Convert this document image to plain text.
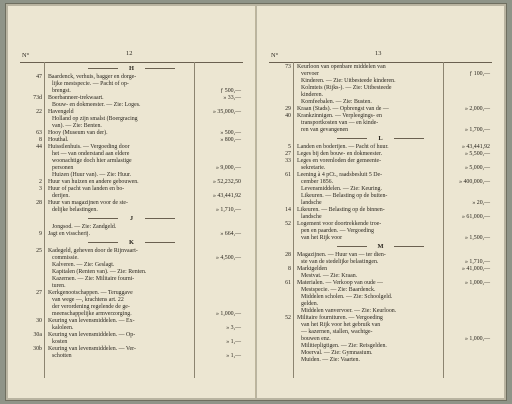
N°	12
H
47 Baardenck, verhuis, bagger en dorge-
lijke mestspecie. — Pacht of op-
brengst.	ƒ 500,—
73d Boerbanneer-trekwaart.	» 33,—
Bouw- en dokmeester. — Zie: Loges.
22 Havengeld	» 35,000,—
Holland op zijn smalst (Boergracing
van). — Zie: Benten.
63 Hooy (Museum van der).	» 500,—
8 Houthal.	» 800,—
44 Huisstlenhuis. — Vergoeding door
het — van onderstand aan eldere
woonachtige doch hier armlastige
personen	» 9,000,—
Huizen (Huur van). — Zie: Huur.
2 Huur van huizen en andere gebouwen.	» 52,232,50
3 Huur of pacht van landen en bo-
derijen.	» 43,441,92
28 Huur van magazijnen voor de ste-
delijke belastingen.	» 1,710,—
J
Jongsod. — Zie: Zandgeld.
9 Jagt en visscherij.	» 664,—
K
25 Kadegeld, geheven door de Rijnvaart-
commissie.	» 4,500,—
Kalveren. — Zie: Geslagt.
Kapitalen (Renten van). — Zie: Renten.
Kazernen. — Zie: Militaire fourni-
turen.
27 Kerkgenootschappen. — Teruggave
van wege —, krachtens art. 22
der verordening regelende de ge-
meenschappelijke armverzorging.	» 1,000,—
30 Keuring van levensmiddelen. — Ex-
kaloleen.	» 3,—
30a Keuring van levensmiddelen. — Op-
kosten	» 1,—
30b Keuring van levensmiddelen. — Ver-
schotten	» 1,—
N°	13
73 Keurloon van openbare middelen van
vervoer	ƒ 100,—
Kinderen. — Zie: Uitbesteede kinderen.
Kolmteis (Rijks-). — Zie: Uitbesteede
kinderen.
Komfeebalen. — Zie: Busten.
29 Kraan (Stads). — Opbrengst van de —	» 2,000,—
40 Krankzinnigen. — Verpleegings- en
transportkosten van — en kinde-
ren van gevangenen	» 1,700,—
L
5 Landen en boderijen. — Pacht of huur.	» 43,441,92
27 Leges bij den bouw- en dokmeester.	» 5,500,—
33 Leges en vorenloden der gemeente-
sekretarie.	» 5,000,—
61 Leening à 4 pCt., raadsbesluit 5 De-
cember 1856.	» 400,000,—
Levensmiddelen. — Zie: Keuring.
Likeuren. — Belasting op de buiten-
landsche	» 20,—
14 Likeuren. — Belasting op de binnen-
landsche	» 61,000,—
52 Logement voor doortrekkende troe-
pen en paarden. — Vergoeding
van het Rijk voor	» 1,500,—
M
28 Magazijnen. — Huur van — ter dien-
ste van de stedelijke belastingen.	» 1,710,—
8 Marktgelden	» 41,000,—
Mestvat. — Zie: Kraan.
61 Materialen. — Verkoop van oude —	» 1,000,—
Mestspecie. — Zie: Baardenck.
Middelen scholen. — Zie: Schoolgeld.
gelden.
Middelen vanvervoer. — Zie: Keurloon.
52 Militaire fournituren. — Vergoeding
van het Rijk voor het gebruik van
— kazernen, stallen, wachtge-
bouwen enz.	» 1,000,—
Militiepligtigen. — Zie: Reisgelden.
Moerval. — Zie: Gymnasium.
Muiden. — Zie: Vaarten.
